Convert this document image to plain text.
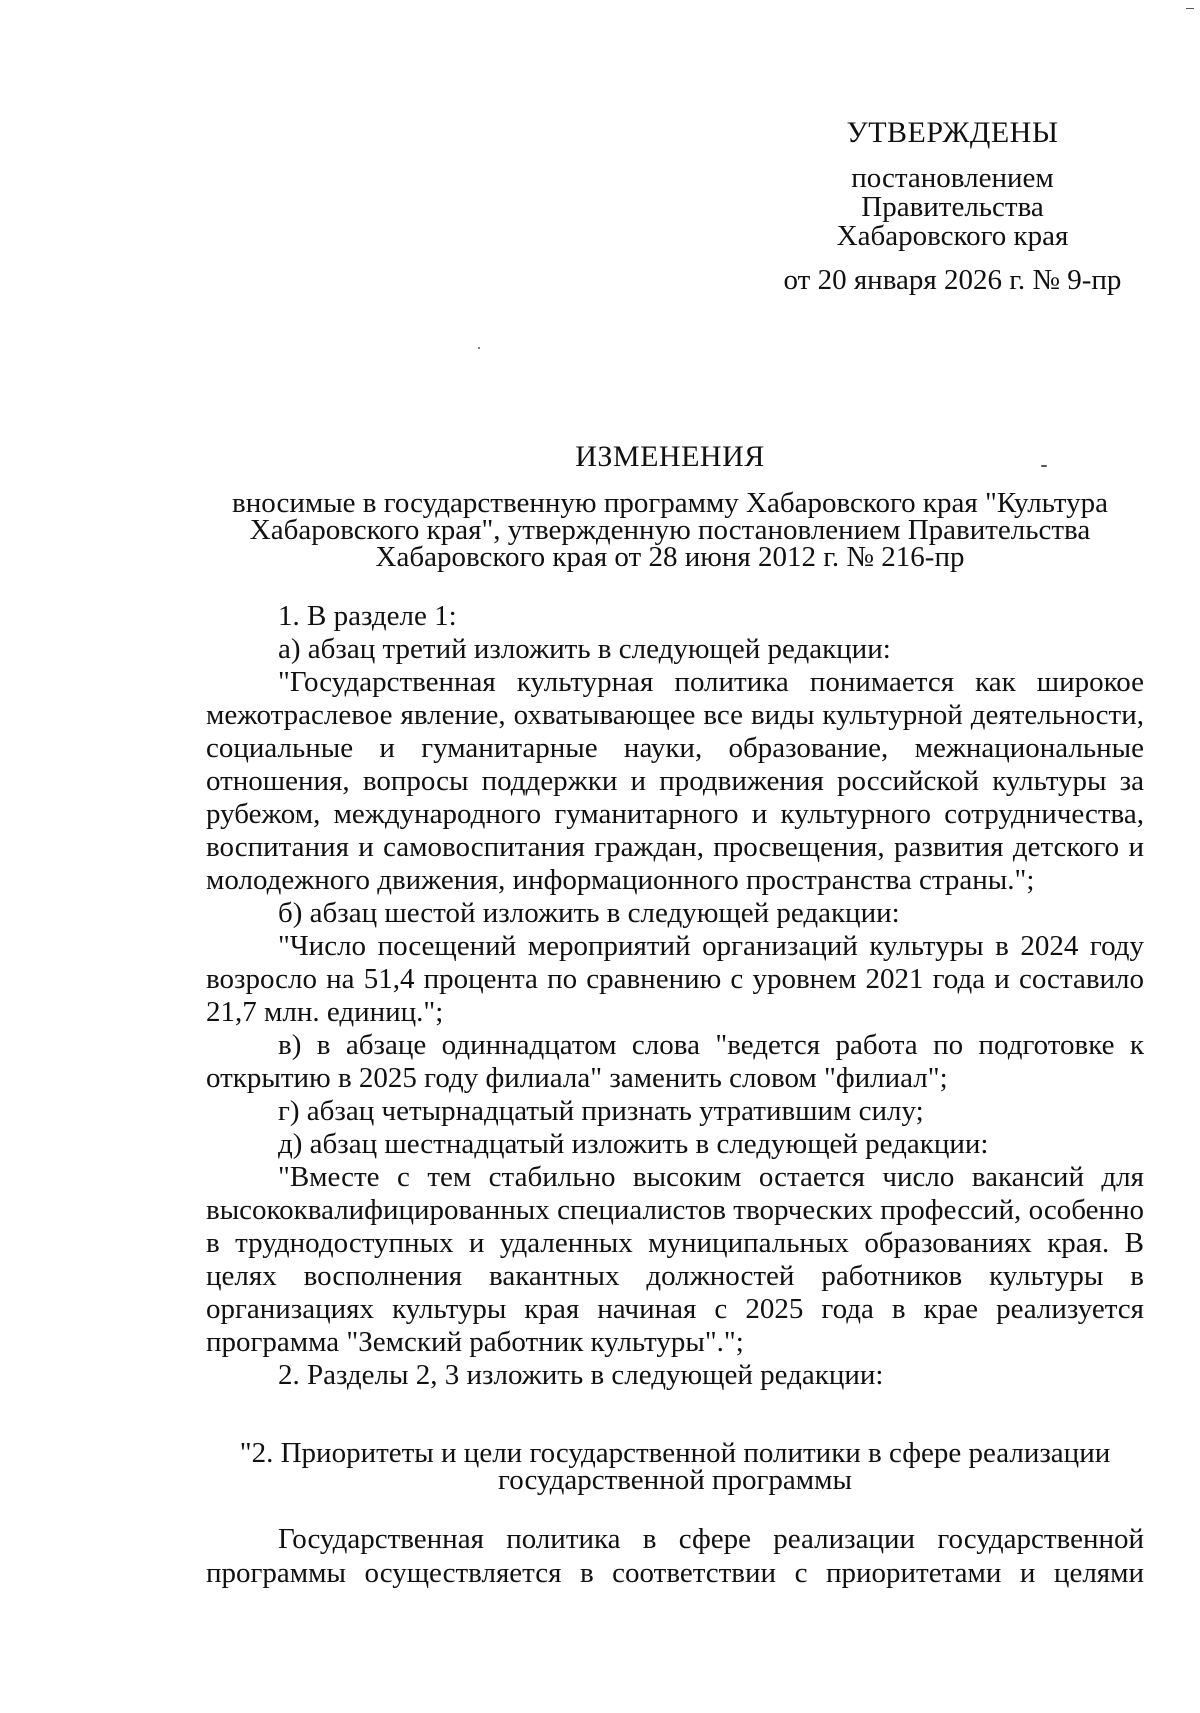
УТВЕРЖДЕНЫ
постановлением
Правительства
Хабаровского края
от 20 января 2026 г. № 9-пр
ИЗМЕНЕНИЯ
вносимые в государственную программу Хабаровского края "Культура
Хабаровского края", утвержденную постановлением Правительства
Хабаровского края от 28 июня 2012 г. № 216-пр

1. В разделе 1:

а) абзац третий изложить в следующей редакции:

"Государственная культурная политика понимается как широкое межотраслевое явление, охватывающее все виды культурной деятельности, социальные и гуманитарные науки, образование, межнациональные отношения, вопросы поддержки и продвижения российской культуры за рубежом, международного гуманитарного и культурного сотрудничества, воспитания и самовоспитания граждан, просвещения, развития детского и молодежного движения, информационного пространства страны.";

б) абзац шестой изложить в следующей редакции:

"Число посещений мероприятий организаций культуры в 2024 году возросло на 51,4 процента по сравнению с уровнем 2021 года и составило 21,7 млн. единиц.";

в) в абзаце одиннадцатом слова "ведется работа по подготовке к открытию в 2025 году филиала" заменить словом "филиал";

г) абзац четырнадцатый признать утратившим силу;

д) абзац шестнадцатый изложить в следующей редакции:

"Вместе с тем стабильно высоким остается число вакансий для высококвалифицированных специалистов творческих профессий, особенно в труднодоступных и удаленных муниципальных образованиях края. В целях восполнения вакантных должностей работников культуры в организациях культуры края начиная с 2025 года в крае реализуется программа "Земский работник культуры".";

2. Разделы 2, 3 изложить в следующей редакции:

"2. Приоритеты и цели государственной политики в сфере реализации
государственной программы

Государственная политика в сфере реализации государственной программы осуществляется в соответствии с приоритетами и целями
